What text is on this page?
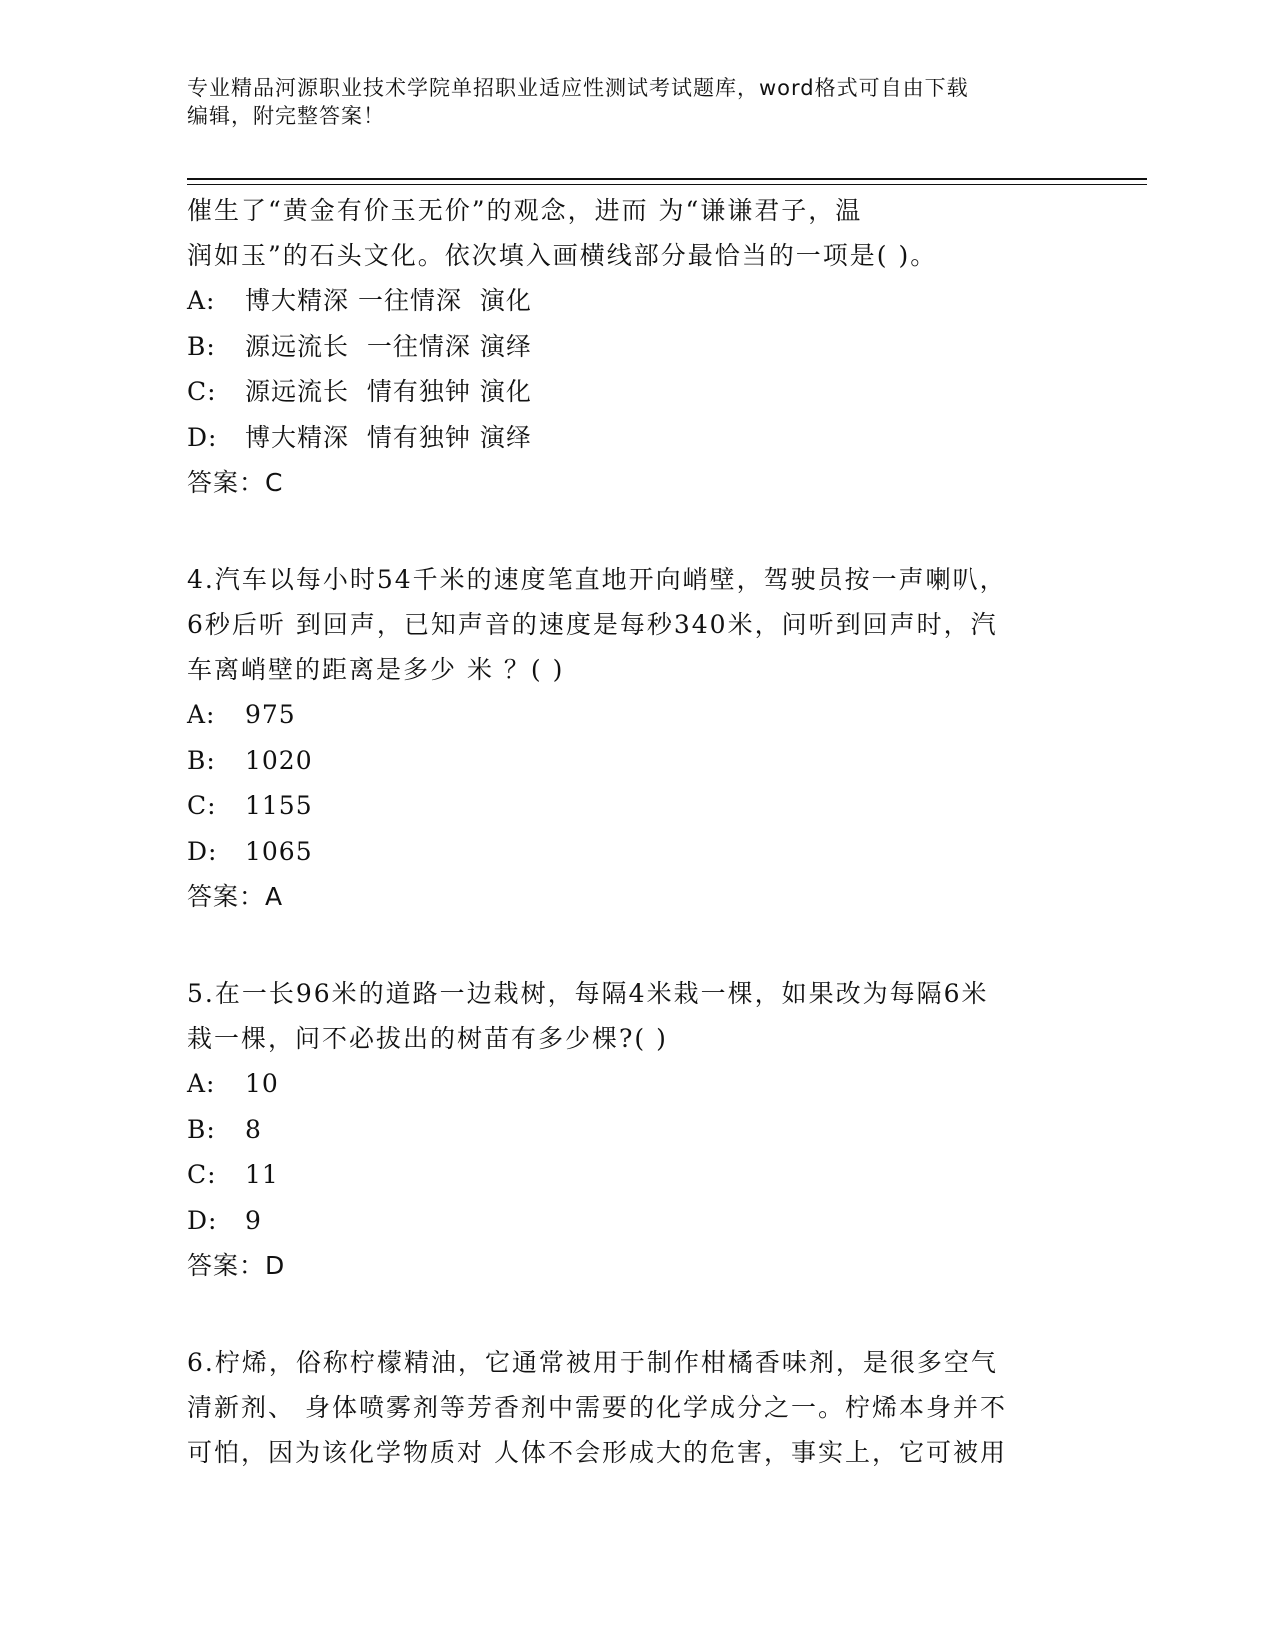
专业精品河源职业技术学院单招职业适应性测试考试题库，word格式可自由下载
编辑，附完整答案！

催生了“黄金有价玉无价”的观念，进而 为“谦谦君子，温

润如玉”的石头文化。依次填入画横线部分最恰当的一项是( )。

A: 博大精深 一往情深  演化

B: 源远流长  一往情深 演绎

C: 源远流长  情有独钟 演化

D: 博大精深  情有独钟 演绎

答案：C

4.汽车以每小时54千米的速度笔直地开向峭壁，驾驶员按一声喇叭，

6秒后听 到回声，已知声音的速度是每秒340米，问听到回声时，汽

车离峭壁的距离是多少 米 ？( )

A: 975

B: 1020

C: 1155

D: 1065

答案：A

5.在一长96米的道路一边栽树，每隔4米栽一棵，如果改为每隔6米

栽一棵，问不必拔出的树苗有多少棵?( )

A: 10

B: 8

C: 11

D: 9

答案：D

6.柠烯，俗称柠檬精油，它通常被用于制作柑橘香味剂，是很多空气

清新剂、 身体喷雾剂等芳香剂中需要的化学成分之一。柠烯本身并不

可怕，因为该化学物质对 人体不会形成大的危害，事实上，它可被用
